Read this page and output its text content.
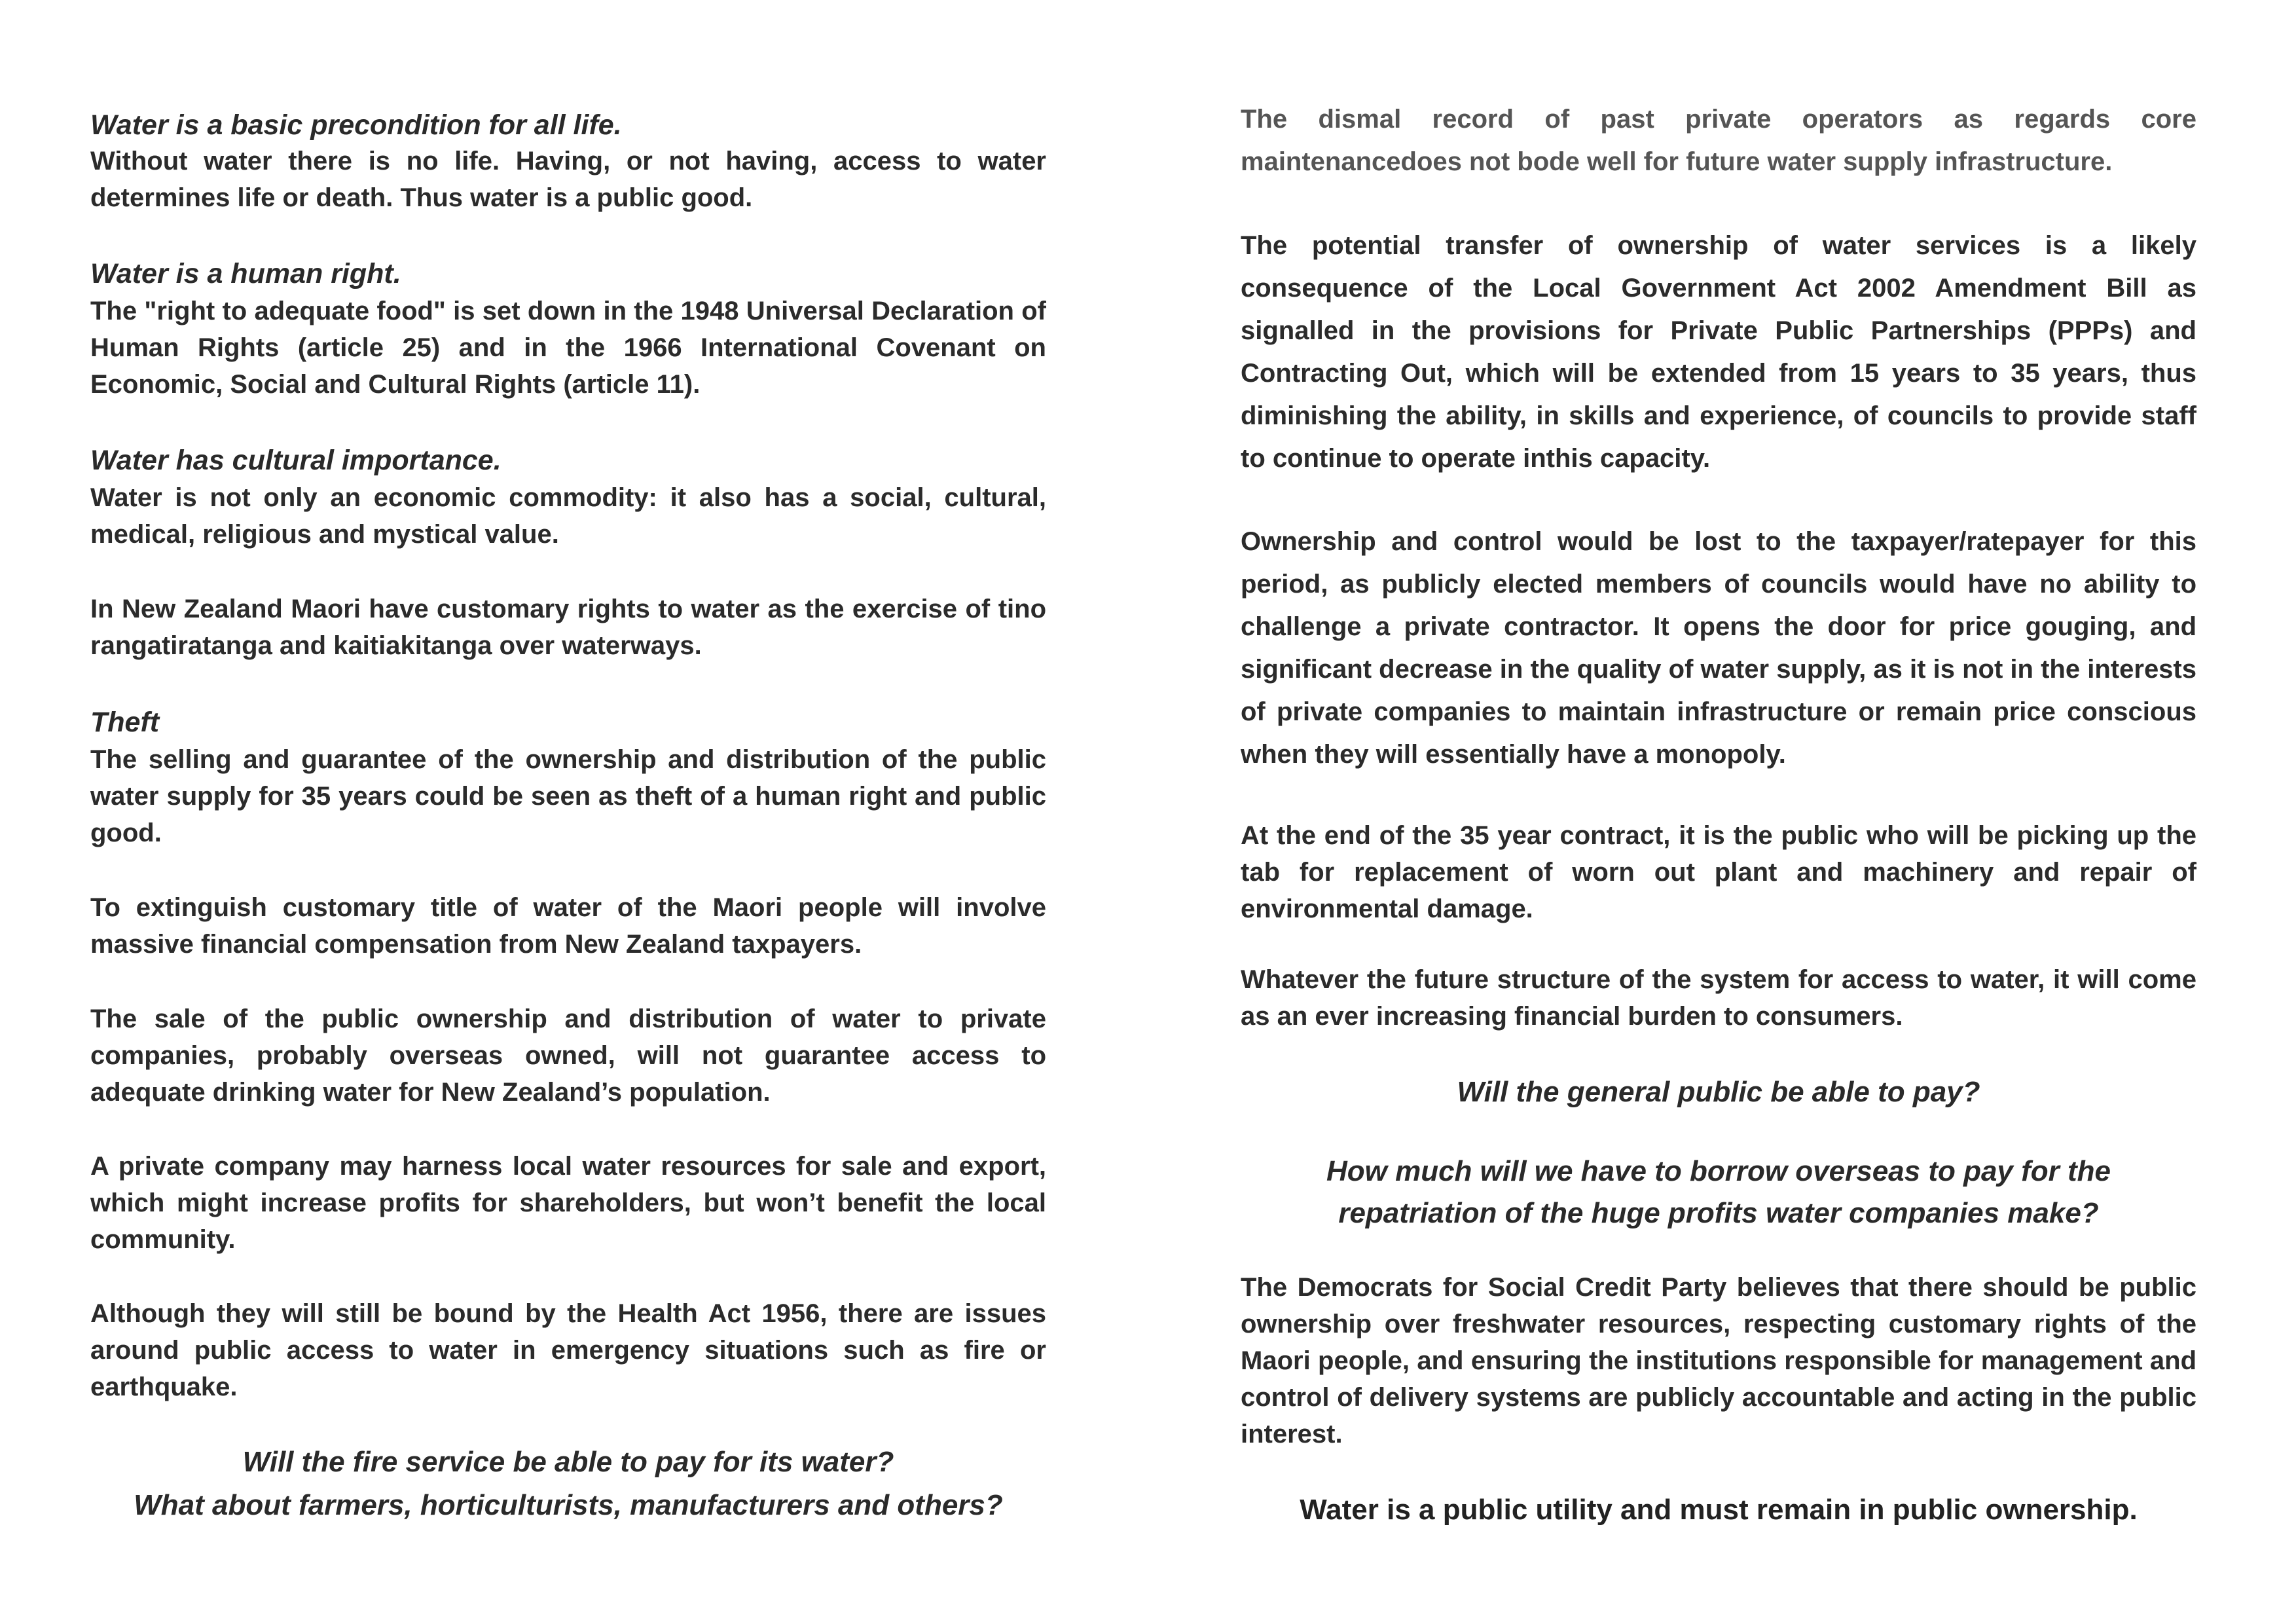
Water is a basic precondition for all life.
Without water there is no life. Having, or not having, access to water determines life or death. Thus water is a public good.
Water is a human right.
The "right to adequate food" is set down in the 1948 Universal Declaration of Human Rights (article 25) and in the 1966 International Covenant on Economic, Social and Cultural Rights (article 11).
Water has cultural importance.
Water is not only an economic commodity: it also has a social, cultural, medical, religious and mystical value.
In New Zealand Maori have customary rights to water as the exercise of tino rangatiratanga and kaitiakitanga over waterways.
Theft
The selling and guarantee of the ownership and distribution of the public water supply for 35 years could be seen as theft of a human right and public good.
To extinguish customary title of water of the Maori people will involve massive financial compensation from New Zealand taxpayers.
The sale of the public ownership and distribution of water to private companies, probably overseas owned, will not guarantee access to adequate drinking water for New Zealand’s population.
A private company may harness local water resources for sale and export, which might increase profits for shareholders, but won’t benefit the local community.
Although they will still be bound by the Health Act 1956, there are issues around public access to water in emergency situations such as fire or earthquake.
Will the fire service be able to pay for its water?
What about farmers, horticulturists, manufacturers and others?
The dismal record of past private operators as regards core maintenancedoes not bode well for future water supply infrastructure.
The potential transfer of ownership of water services is a likely consequence of the Local Government Act 2002 Amendment Bill as signalled in the provisions for Private Public Partnerships (PPPs) and Contracting Out, which will be extended from 15 years to 35 years, thus diminishing the ability, in skills and experience, of councils to provide staff to continue to operate inthis capacity.
Ownership and control would be lost to the taxpayer/ratepayer for this period, as publicly elected members of councils would have no ability to challenge a private contractor. It opens the door for price gouging, and significant decrease in the quality of water supply, as it is not in the interests of private companies to maintain infrastructure or remain price conscious when they will essentially have a monopoly.
At the end of the 35 year contract, it is the public who will be picking up the tab for replacement of worn out plant and machinery and repair of environmental damage.
Whatever the future structure of the system for access to water, it will come as an ever increasing financial burden to consumers.
Will the general public be able to pay?
How much will we have to borrow overseas to pay for the
repatriation of the huge profits water companies make?
The Democrats for Social Credit Party believes that there should be public ownership over freshwater resources, respecting customary rights of the Maori people, and ensuring the institutions responsible for management and control of delivery systems are publicly accountable and acting in the public interest.
Water is a public utility and must remain in public ownership.
